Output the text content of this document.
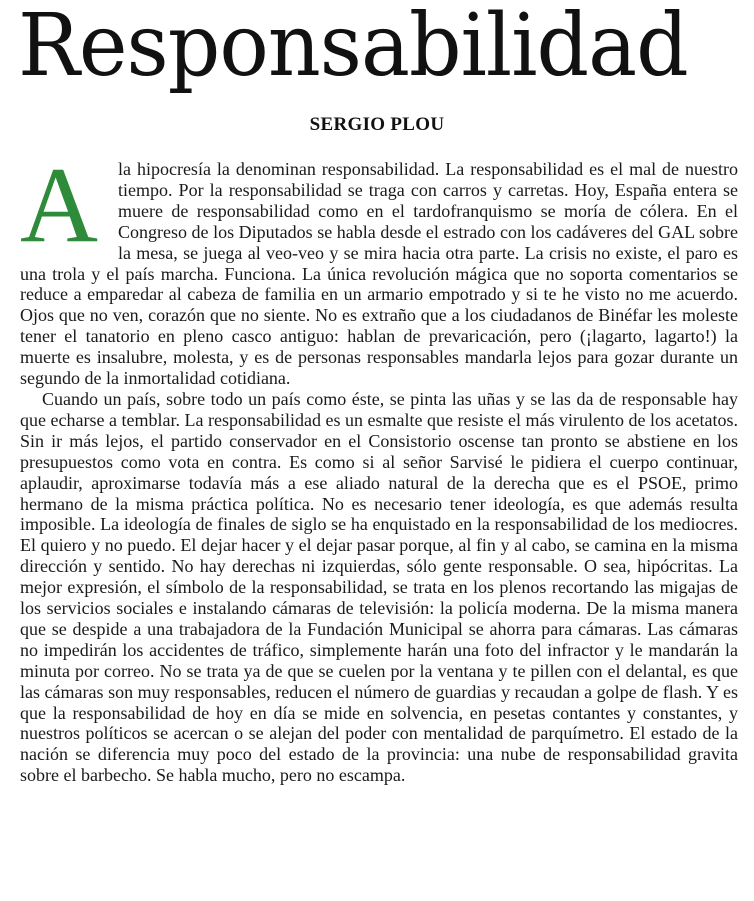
Responsabilidad
SERGIO PLOU

A la hipocresía la denominan responsabilidad. La responsabilidad es el mal de nuestro tiempo. Por la responsabilidad se traga con carros y carretas. Hoy, España entera se muere de responsabilidad como en el tardofranquismo se moría de cólera. En el Congreso de los Diputados se habla desde el estrado con los cadáveres del GAL sobre la mesa, se juega al veo-veo y se mira hacia otra parte. La crisis no existe, el paro es una trola y el país marcha. Funciona. La única revolución mágica que no soporta comentarios se reduce a emparedar al cabeza de familia en un armario empotrado y si te he visto no me acuerdo. Ojos que no ven, corazón que no siente. No es extraño que a los ciudadanos de Binéfar les moleste tener el tanatorio en pleno casco antiguo: hablan de prevaricación, pero (¡lagarto, lagarto!) la muerte es insalubre, molesta, y es de personas responsables mandarla lejos para gozar durante un segundo de la inmortalidad cotidiana.

Cuando un país, sobre todo un país como éste, se pinta las uñas y se las da de responsable hay que echarse a temblar. La responsabilidad es un esmalte que resiste el más virulento de los acetatos. Sin ir más lejos, el partido conservador en el Consistorio oscense tan pronto se abstiene en los presupuestos como vota en contra. Es como si al señor Sarvisé le pidiera el cuerpo continuar, aplaudir, aproximarse todavía más a ese aliado natural de la derecha que es el PSOE, primo hermano de la misma práctica política. No es necesario tener ideología, es que además resulta imposible. La ideología de finales de siglo se ha enquistado en la responsabilidad de los mediocres. El quiero y no puedo. El dejar hacer y el dejar pasar porque, al fin y al cabo, se camina en la misma dirección y sentido. No hay derechas ni izquierdas, sólo gente responsable. O sea, hipócritas. La mejor expresión, el símbolo de la responsabilidad, se trata en los plenos recortando las migajas de los servicios sociales e instalando cámaras de televisión: la policía moderna. De la misma manera que se despide a una trabajadora de la Fundación Municipal se ahorra para cámaras. Las cámaras no impedirán los accidentes de tráfico, simplemente harán una foto del infractor y le mandarán la minuta por correo. No se trata ya de que se cuelen por la ventana y te pillen con el delantal, es que las cámaras son muy responsables, reducen el número de guardias y recaudan a golpe de flash. Y es que la responsabilidad de hoy en día se mide en solvencia, en pesetas contantes y constantes, y nuestros políticos se acercan o se alejan del poder con mentalidad de parquímetro. El estado de la nación se diferencia muy poco del estado de la provincia: una nube de responsabilidad gravita sobre el barbecho. Se habla mucho, pero no escampa.
